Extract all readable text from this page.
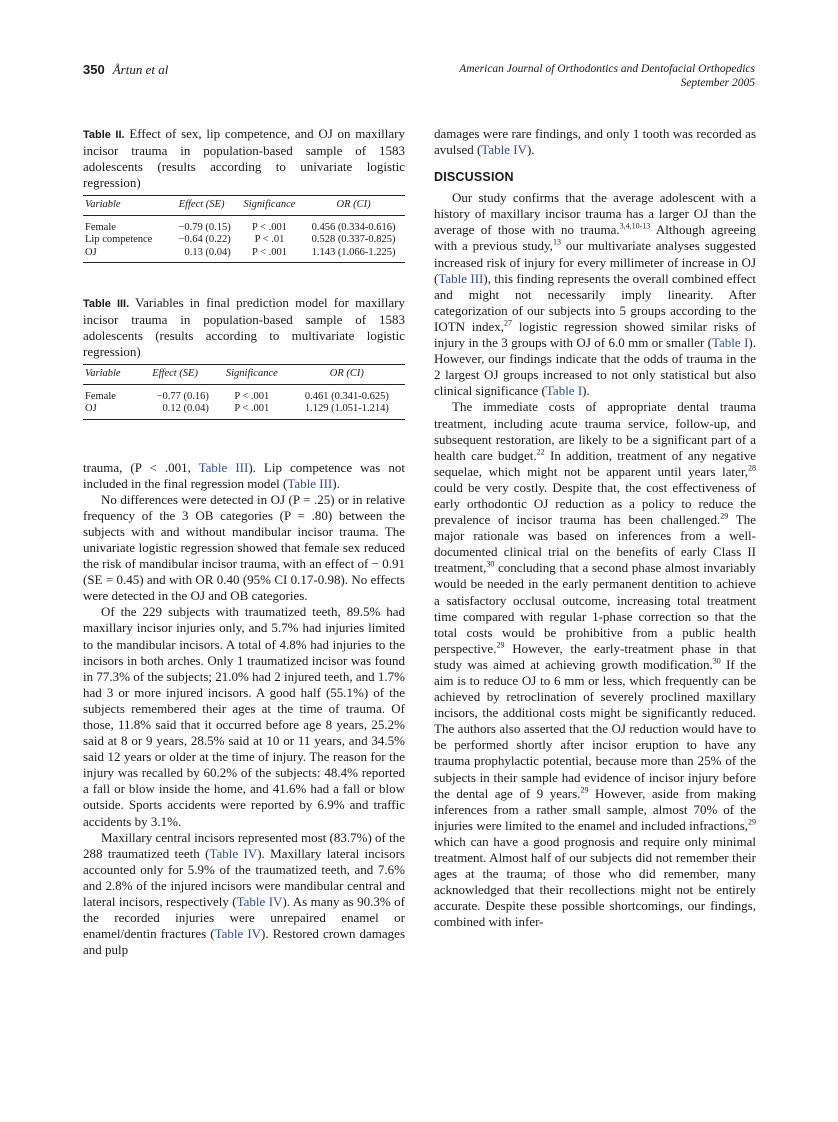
350 Årtun et al	American Journal of Orthodontics and Dentofacial Orthopedics
September 2005

Table II. Effect of sex, lip competence, and OJ on maxillary incisor trauma in population-based sample of 1583 adolescents (results according to univariate logistic regression)

Variable	Effect (SE)	Significance	OR (CI)
Female	−0.79 (0.15)	P < .001	0.456 (0.334-0.616)
Lip competence	−0.64 (0.22)	P < .01	0.528 (0.337-0.825)
OJ	0.13 (0.04)	P < .001	1.143 (1.066-1.225)

Table III. Variables in final prediction model for maxillary incisor trauma in population-based sample of 1583 adolescents (results according to multivariate logistic regression)

Variable	Effect (SE)	Significance	OR (CI)
Female	−0.77 (0.16)	P < .001	0.461 (0.341-0.625)
OJ	0.12 (0.04)	P < .001	1.129 (1.051-1.214)

trauma, (P < .001, Table III). Lip competence was not included in the final regression model (Table III).

No differences were detected in OJ (P = .25) or in relative frequency of the 3 OB categories (P = .80) between the subjects with and without mandibular incisor trauma. The univariate logistic regression showed that female sex reduced the risk of mandibular incisor trauma, with an effect of − 0.91 (SE = 0.45) and with OR 0.40 (95% CI 0.17-0.98). No effects were detected in the OJ and OB categories.

Of the 229 subjects with traumatized teeth, 89.5% had maxillary incisor injuries only, and 5.7% had injuries limited to the mandibular incisors. A total of 4.8% had injuries to the incisors in both arches. Only 1 traumatized incisor was found in 77.3% of the subjects; 21.0% had 2 injured teeth, and 1.7% had 3 or more injured incisors. A good half (55.1%) of the subjects remembered their ages at the time of trauma. Of those, 11.8% said that it occurred before age 8 years, 25.2% said at 8 or 9 years, 28.5% said at 10 or 11 years, and 34.5% said 12 years or older at the time of injury. The reason for the injury was recalled by 60.2% of the subjects: 48.4% reported a fall or blow inside the home, and 41.6% had a fall or blow outside. Sports accidents were reported by 6.9% and traffic accidents by 3.1%.

Maxillary central incisors represented most (83.7%) of the 288 traumatized teeth (Table IV). Maxillary lateral incisors accounted only for 5.9% of the traumatized teeth, and 7.6% and 2.8% of the injured incisors were mandibular central and lateral incisors, respectively (Table IV). As many as 90.3% of the recorded injuries were unrepaired enamel or enamel/dentin fractures (Table IV). Restored crown damages and pulp

damages were rare findings, and only 1 tooth was recorded as avulsed (Table IV).

DISCUSSION

Our study confirms that the average adolescent with a history of maxillary incisor trauma has a larger OJ than the average of those with no trauma.$^{3,4,10-13}$ Although agreeing with a previous study,$^{13}$ our multivariate analyses suggested increased risk of injury for every millimeter of increase in OJ (Table III), this finding represents the overall combined effect and might not necessarily imply linearity. After categorization of our subjects into 5 groups according to the IOTN index,$^{27}$ logistic regression showed similar risks of injury in the 3 groups with OJ of 6.0 mm or smaller (Table I). However, our findings indicate that the odds of trauma in the 2 largest OJ groups increased to not only statistical but also clinical significance (Table I).

The immediate costs of appropriate dental trauma treatment, including acute trauma service, follow-up, and subsequent restoration, are likely to be a significant part of a health care budget.$^{22}$ In addition, treatment of any negative sequelae, which might not be apparent until years later,$^{28}$ could be very costly. Despite that, the cost effectiveness of early orthodontic OJ reduction as a policy to reduce the prevalence of incisor trauma has been challenged.$^{29}$ The major rationale was based on inferences from a well-documented clinical trial on the benefits of early Class II treatment,$^{30}$ concluding that a second phase almost invariably would be needed in the early permanent dentition to achieve a satisfactory occlusal outcome, increasing total treatment time compared with regular 1-phase correction so that the total costs would be prohibitive from a public health perspective.$^{29}$ However, the early-treatment phase in that study was aimed at achieving growth modification.$^{30}$ If the aim is to reduce OJ to 6 mm or less, which frequently can be achieved by retroclination of severely proclined maxillary incisors, the additional costs might be significantly reduced. The authors also asserted that the OJ reduction would have to be performed shortly after incisor eruption to have any trauma prophylactic potential, because more than 25% of the subjects in their sample had evidence of incisor injury before the dental age of 9 years.$^{29}$ However, aside from making inferences from a rather small sample, almost 70% of the injuries were limited to the enamel and included infractions,$^{29}$ which can have a good prognosis and require only minimal treatment. Almost half of our subjects did not remember their ages at the trauma; of those who did remember, many acknowledged that their recollections might not be entirely accurate. Despite these possible shortcomings, our findings, combined with infer-
